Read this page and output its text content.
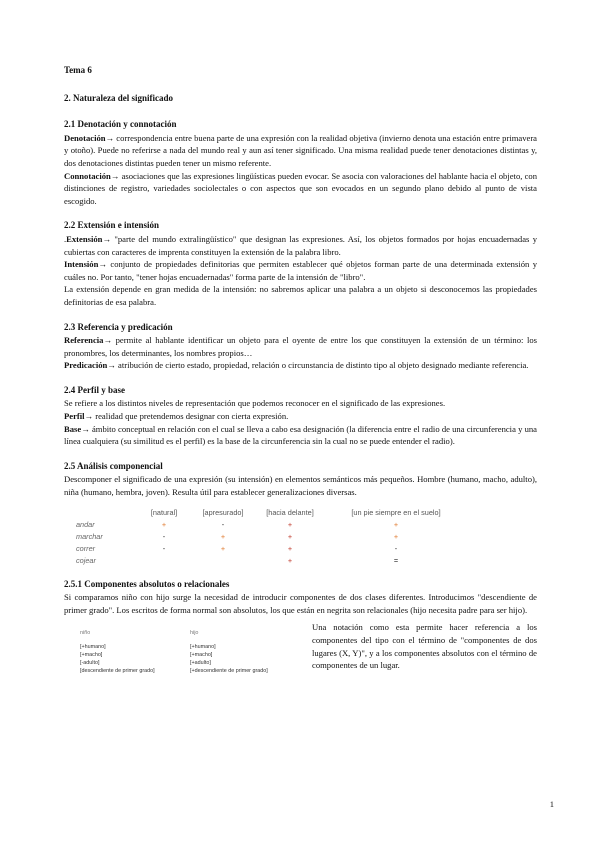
Tema 6
2. Naturaleza del significado
2.1 Denotación y connotación

Denotación→ correspondencia entre buena parte de una expresión con la realidad objetiva (invierno denota una estación entre primavera y otoño). Puede no referirse a nada del mundo real y aun así tener significado. Una misma realidad puede tener denotaciones distintas y, dos denotaciones distintas pueden tener un mismo referente.

Connotación→ asociaciones que las expresiones lingüísticas pueden evocar. Se asocia con valoraciones del hablante hacia el objeto, con distinciones de registro, variedades sociolectales o con aspectos que son evocados en un segundo plano debido al punto de vista escogido.

2.2 Extensión e intensión

.Extensión→ "parte del mundo extralingüístico" que designan las expresiones. Así, los objetos formados por hojas encuadernadas y cubiertas con caracteres de imprenta constituyen la extensión de la palabra libro.

Intensión→ conjunto de propiedades definitorias que permiten establecer qué objetos forman parte de una determinada extensión y cuáles no. Por tanto, "tener hojas encuadernadas" forma parte de la intensión de "libro".

La extensión depende en gran medida de la intensión: no sabremos aplicar una palabra a un objeto si desconocemos las propiedades definitorias de esa palabra.

2.3 Referencia y predicación

Referencia→ permite al hablante identificar un objeto para el oyente de entre los que constituyen la extensión de un término: los pronombres, los determinantes, los nombres propios…

Predicación→ atribución de cierto estado, propiedad, relación o circunstancia de distinto tipo al objeto designado mediante referencia.

2.4 Perfil y base

Se refiere a los distintos niveles de representación que podemos reconocer en el significado de las expresiones.

Perfil→ realidad que pretendemos designar con cierta expresión.

Base→ ámbito conceptual en relación con el cual se lleva a cabo esa designación (la diferencia entre el radio de una circunferencia y una línea cualquiera (su similitud es el perfil) es la base de la circunferencia sin la cual no se puede entender el radio).

2.5 Análisis componencial

Descomponer el significado de una expresión (su intensión) en elementos semánticos más pequeños. Hombre (humano, macho, adulto), niña (humano, hembra, joven). Resulta útil para establecer generalizaciones diversas.

	[natural]	[apresurado]	[hacia delante]	[un pie siempre en el suelo]
andar	+	-	+	+
marchar	-	+	+	+
correr	-	+	+	-
cojear			+	=
2.5.1 Componentes absolutos o relacionales

Si comparamos niño con hijo surge la necesidad de introducir componentes de dos clases diferentes. Introducimos "descendiente de primer grado". Los escritos de forma normal son absolutos, los que están en negrita son relacionales (hijo necesita padre para ser hijo).

niño
[+humano]
[+macho]
[-adulto]
[descendiente de primer grado]
hijo
[+humano]
[+macho]
[+adulto]
[+descendiente de primer grado]

Una notación como esta permite hacer referencia a los componentes del tipo con el término de "componentes de dos lugares (X, Y)", y a los componentes absolutos con el término de componentes de un lugar.

1
